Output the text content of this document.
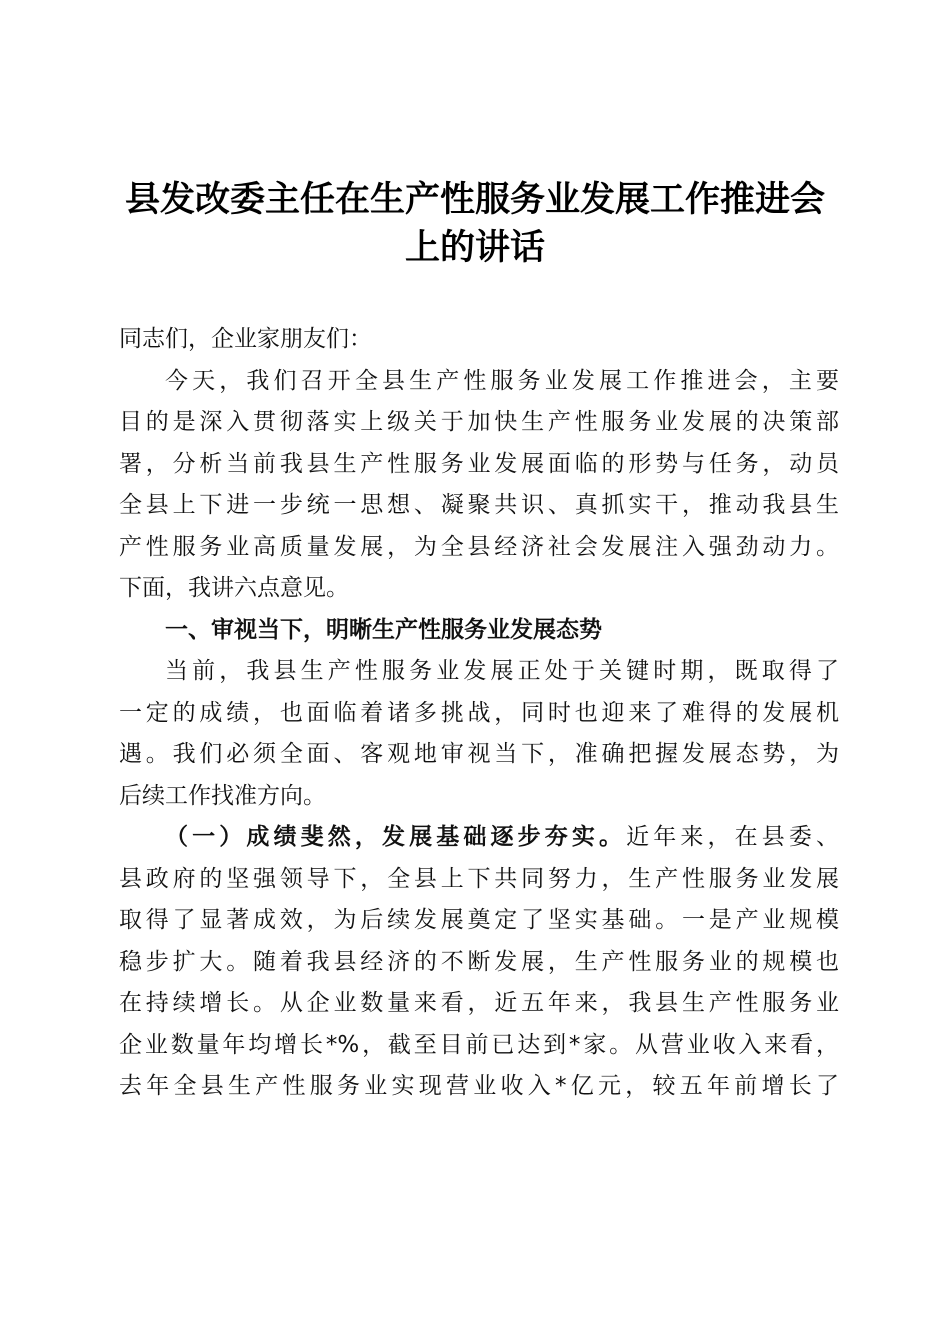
县发改委主任在生产性服务业发展工作推进会
上的讲话
同志们，企业家朋友们：
今天，我们召开全县生产性服务业发展工作推进会，主要
目的是深入贯彻落实上级关于加快生产性服务业发展的决策部
署，分析当前我县生产性服务业发展面临的形势与任务，动员
全县上下进一步统一思想、凝聚共识、真抓实干，推动我县生
产性服务业高质量发展，为全县经济社会发展注入强劲动力。
下面，我讲六点意见。
一、审视当下，明晰生产性服务业发展态势
当前，我县生产性服务业发展正处于关键时期，既取得了
一定的成绩，也面临着诸多挑战，同时也迎来了难得的发展机
遇。我们必须全面、客观地审视当下，准确把握发展态势，为
后续工作找准方向。
（一）成绩斐然，发展基础逐步夯实。近年来，在县委、
县政府的坚强领导下，全县上下共同努力，生产性服务业发展
取得了显著成效，为后续发展奠定了坚实基础。一是产业规模
稳步扩大。随着我县经济的不断发展，生产性服务业的规模也
在持续增长。从企业数量来看，近五年来，我县生产性服务业
企业数量年均增长*%，截至目前已达到*家。从营业收入来看，
去年全县生产性服务业实现营业收入*亿元，较五年前增长了
